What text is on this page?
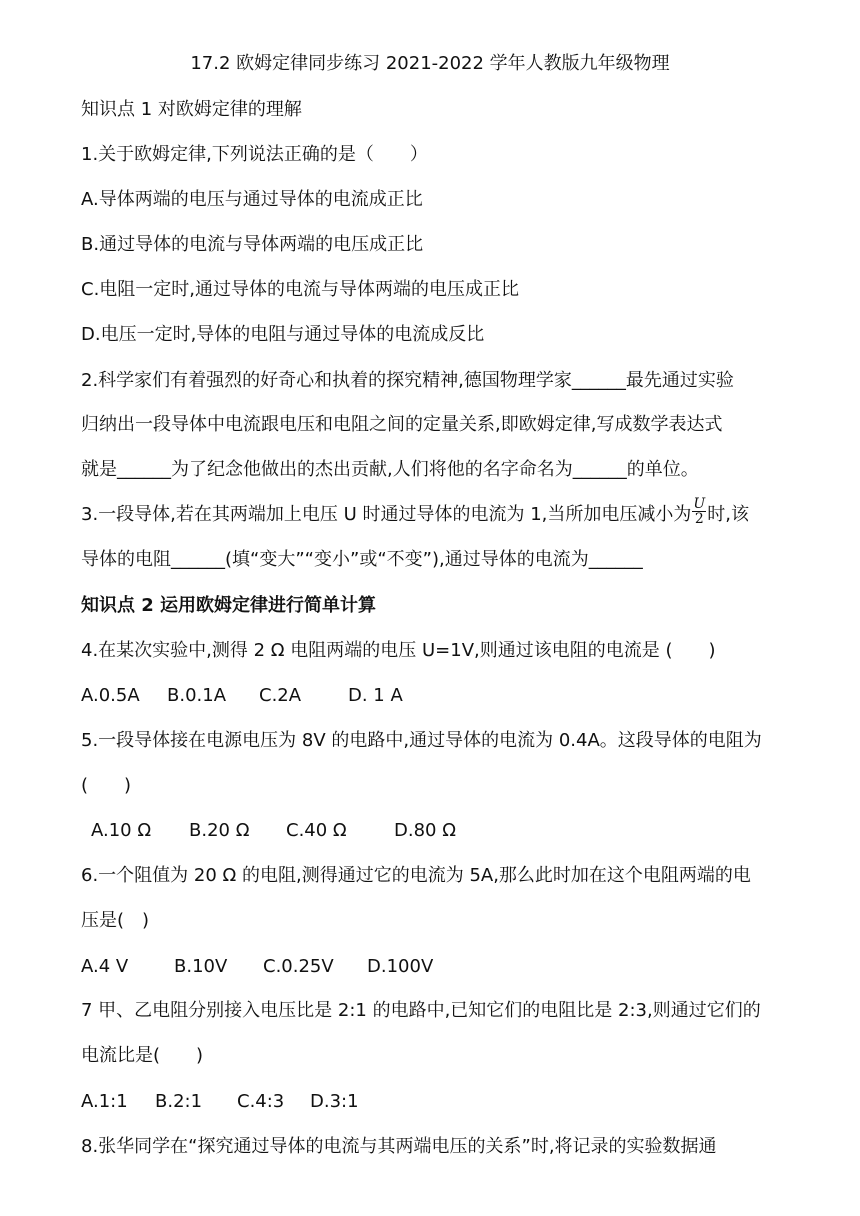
17.2 欧姆定律同步练习 2021-2022 学年人教版九年级物理
知识点 1 对欧姆定律的理解
1.关于欧姆定律,下列说法正确的是（　　）
A.导体两端的电压与通过导体的电流成正比
B.通过导体的电流与导体两端的电压成正比
C.电阻一定时,通过导体的电流与导体两端的电压成正比
D.电压一定时,导体的电阻与通过导体的电流成反比
2.科学家们有着强烈的好奇心和执着的探究精神,德国物理学家______最先通过实验
归纳出一段导体中电流跟电压和电阻之间的定量关系,即欧姆定律,写成数学表达式
就是______为了纪念他做出的杰出贡献,人们将他的名字命名为______的单位。
3.一段导体,若在其两端加上电压 U 时通过导体的电流为 1,当所加电压减小为 $\frac{U}{2}$ 时,该
导体的电阻______(填“变大”“变小”或“不变”),通过导体的电流为______
知识点 2 运用欧姆定律进行简单计算
4.在某次实验中,测得 2 Ω 电阻两端的电压 U=1V,则通过该电阻的电流是 (　　)
A.0.5A B.0.1A C.2A	D. 1 A
5.一段导体接在电源电压为 8V 的电路中,通过导体的电流为 0.4A。这段导体的电阻为
(　　)
A.10 Ω B.20 Ω C.40 Ω	D.80 Ω
6.一个阻值为 20 Ω 的电阻,测得通过它的电流为 5A,那么此时加在这个电阻两端的电
压是(　)
A.4 V	B.10V C.0.25V D.100V
7 甲、乙电阻分别接入电压比是 2:1 的电路中,已知它们的电阻比是 2:3,则通过它们的
电流比是(　　)
A.1:1 B.2:1 C.4:3 D.3:1
8.张华同学在“探究通过导体的电流与其两端电压的关系”时,将记录的实验数据通
